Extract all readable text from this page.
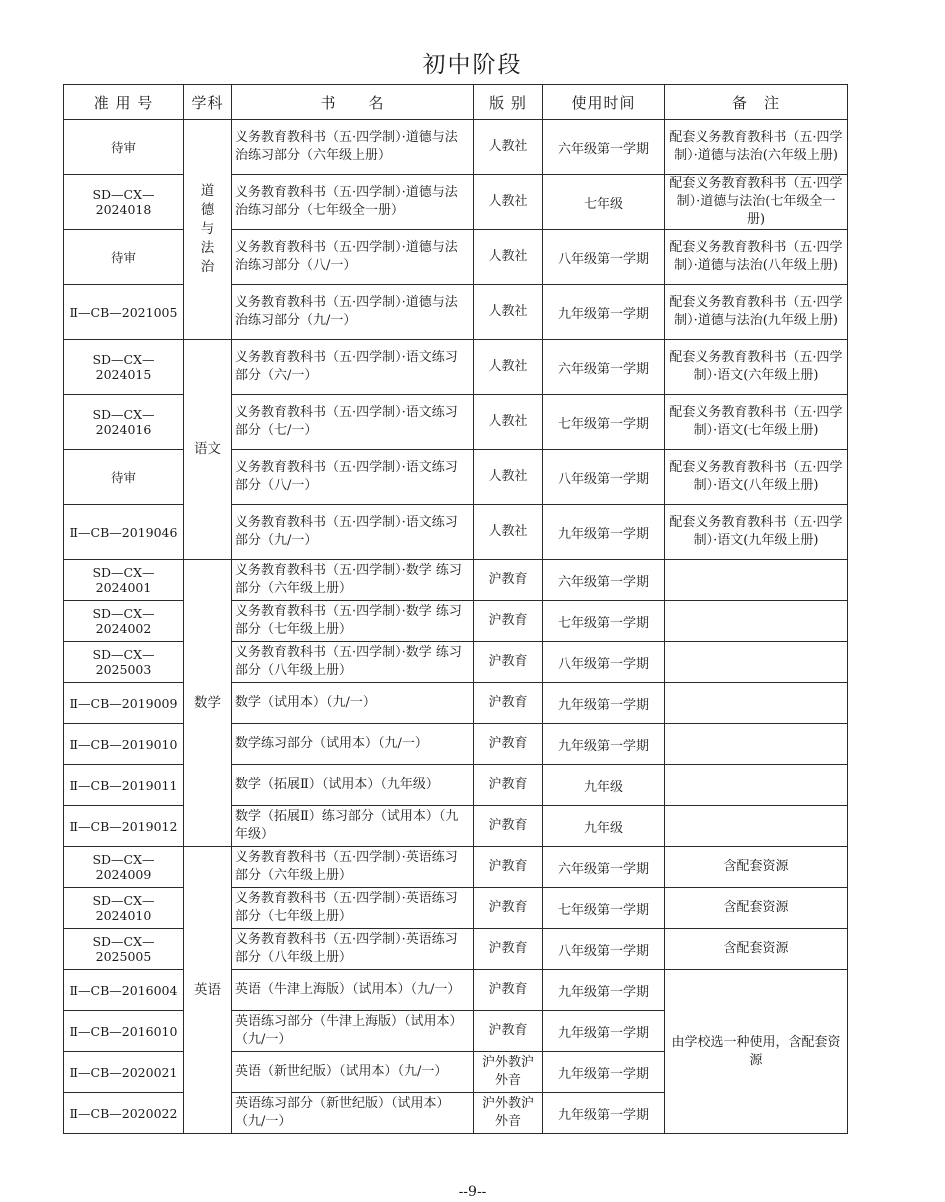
初中阶段
准 用 号	学科	书　　名	版 别	使用时间	备　注
待审	道德与法治	义务教育教科书（五·四学制）·道德与法治练习部分（六年级上册）	人教社	六年级第一学期	配套义务教育教科书（五·四学制）·道德与法治(六年级上册)
SD—CX—2024018		义务教育教科书（五·四学制）·道德与法治练习部分（七年级全一册）	人教社	七年级	配套义务教育教科书（五·四学制）·道德与法治(七年级全一册)
待审		义务教育教科书（五·四学制）·道德与法治练习部分（八/一）	人教社	八年级第一学期	配套义务教育教科书（五·四学制）·道德与法治(八年级上册)
Ⅱ—CB—2021005		义务教育教科书（五·四学制）·道德与法治练习部分（九/一）	人教社	九年级第一学期	配套义务教育教科书（五·四学制）·道德与法治(九年级上册)
SD—CX—2024015	语文	义务教育教科书（五·四学制）·语文练习部分（六/一）	人教社	六年级第一学期	配套义务教育教科书（五·四学制）·语文(六年级上册)
SD—CX—2024016		义务教育教科书（五·四学制）·语文练习部分（七/一）	人教社	七年级第一学期	配套义务教育教科书（五·四学制）·语文(七年级上册)
待审		义务教育教科书（五·四学制）·语文练习部分（八/一）	人教社	八年级第一学期	配套义务教育教科书（五·四学制）·语文(八年级上册)
Ⅱ—CB—2019046		义务教育教科书（五·四学制）·语文练习部分（九/一）	人教社	九年级第一学期	配套义务教育教科书（五·四学制）·语文(九年级上册)
SD—CX—2024001	数学	义务教育教科书（五·四学制）·数学 练习部分（六年级上册）	沪教育	六年级第一学期	
SD—CX—2024002		义务教育教科书（五·四学制）·数学 练习部分（七年级上册）	沪教育	七年级第一学期	
SD—CX—2025003		义务教育教科书（五·四学制）·数学 练习部分（八年级上册）	沪教育	八年级第一学期	
Ⅱ—CB—2019009		数学（试用本）（九/一）	沪教育	九年级第一学期	
Ⅱ—CB—2019010		数学练习部分（试用本）（九/一）	沪教育	九年级第一学期	
Ⅱ—CB—2019011		数学（拓展Ⅱ）（试用本）（九年级）	沪教育	九年级	
Ⅱ—CB—2019012		数学（拓展Ⅱ）练习部分（试用本）（九年级）	沪教育	九年级	
SD—CX—2024009	英语	义务教育教科书（五·四学制）·英语练习部分（六年级上册）	沪教育	六年级第一学期	含配套资源
SD—CX—2024010		义务教育教科书（五·四学制）·英语练习部分（七年级上册）	沪教育	七年级第一学期	含配套资源
SD—CX—2025005		义务教育教科书（五·四学制）·英语练习部分（八年级上册）	沪教育	八年级第一学期	含配套资源
Ⅱ—CB—2016004		英语（牛津上海版）（试用本）（九/一）	沪教育	九年级第一学期	由学校选一种使用，含配套资源
Ⅱ—CB—2016010		英语练习部分（牛津上海版）（试用本）（九/一）	沪教育	九年级第一学期	
Ⅱ—CB—2020021		英语（新世纪版）（试用本）（九/一）	沪外教沪外音	九年级第一学期	
Ⅱ—CB—2020022		英语练习部分（新世纪版）（试用本）（九/一）	沪外教沪外音	九年级第一学期	
--9--
